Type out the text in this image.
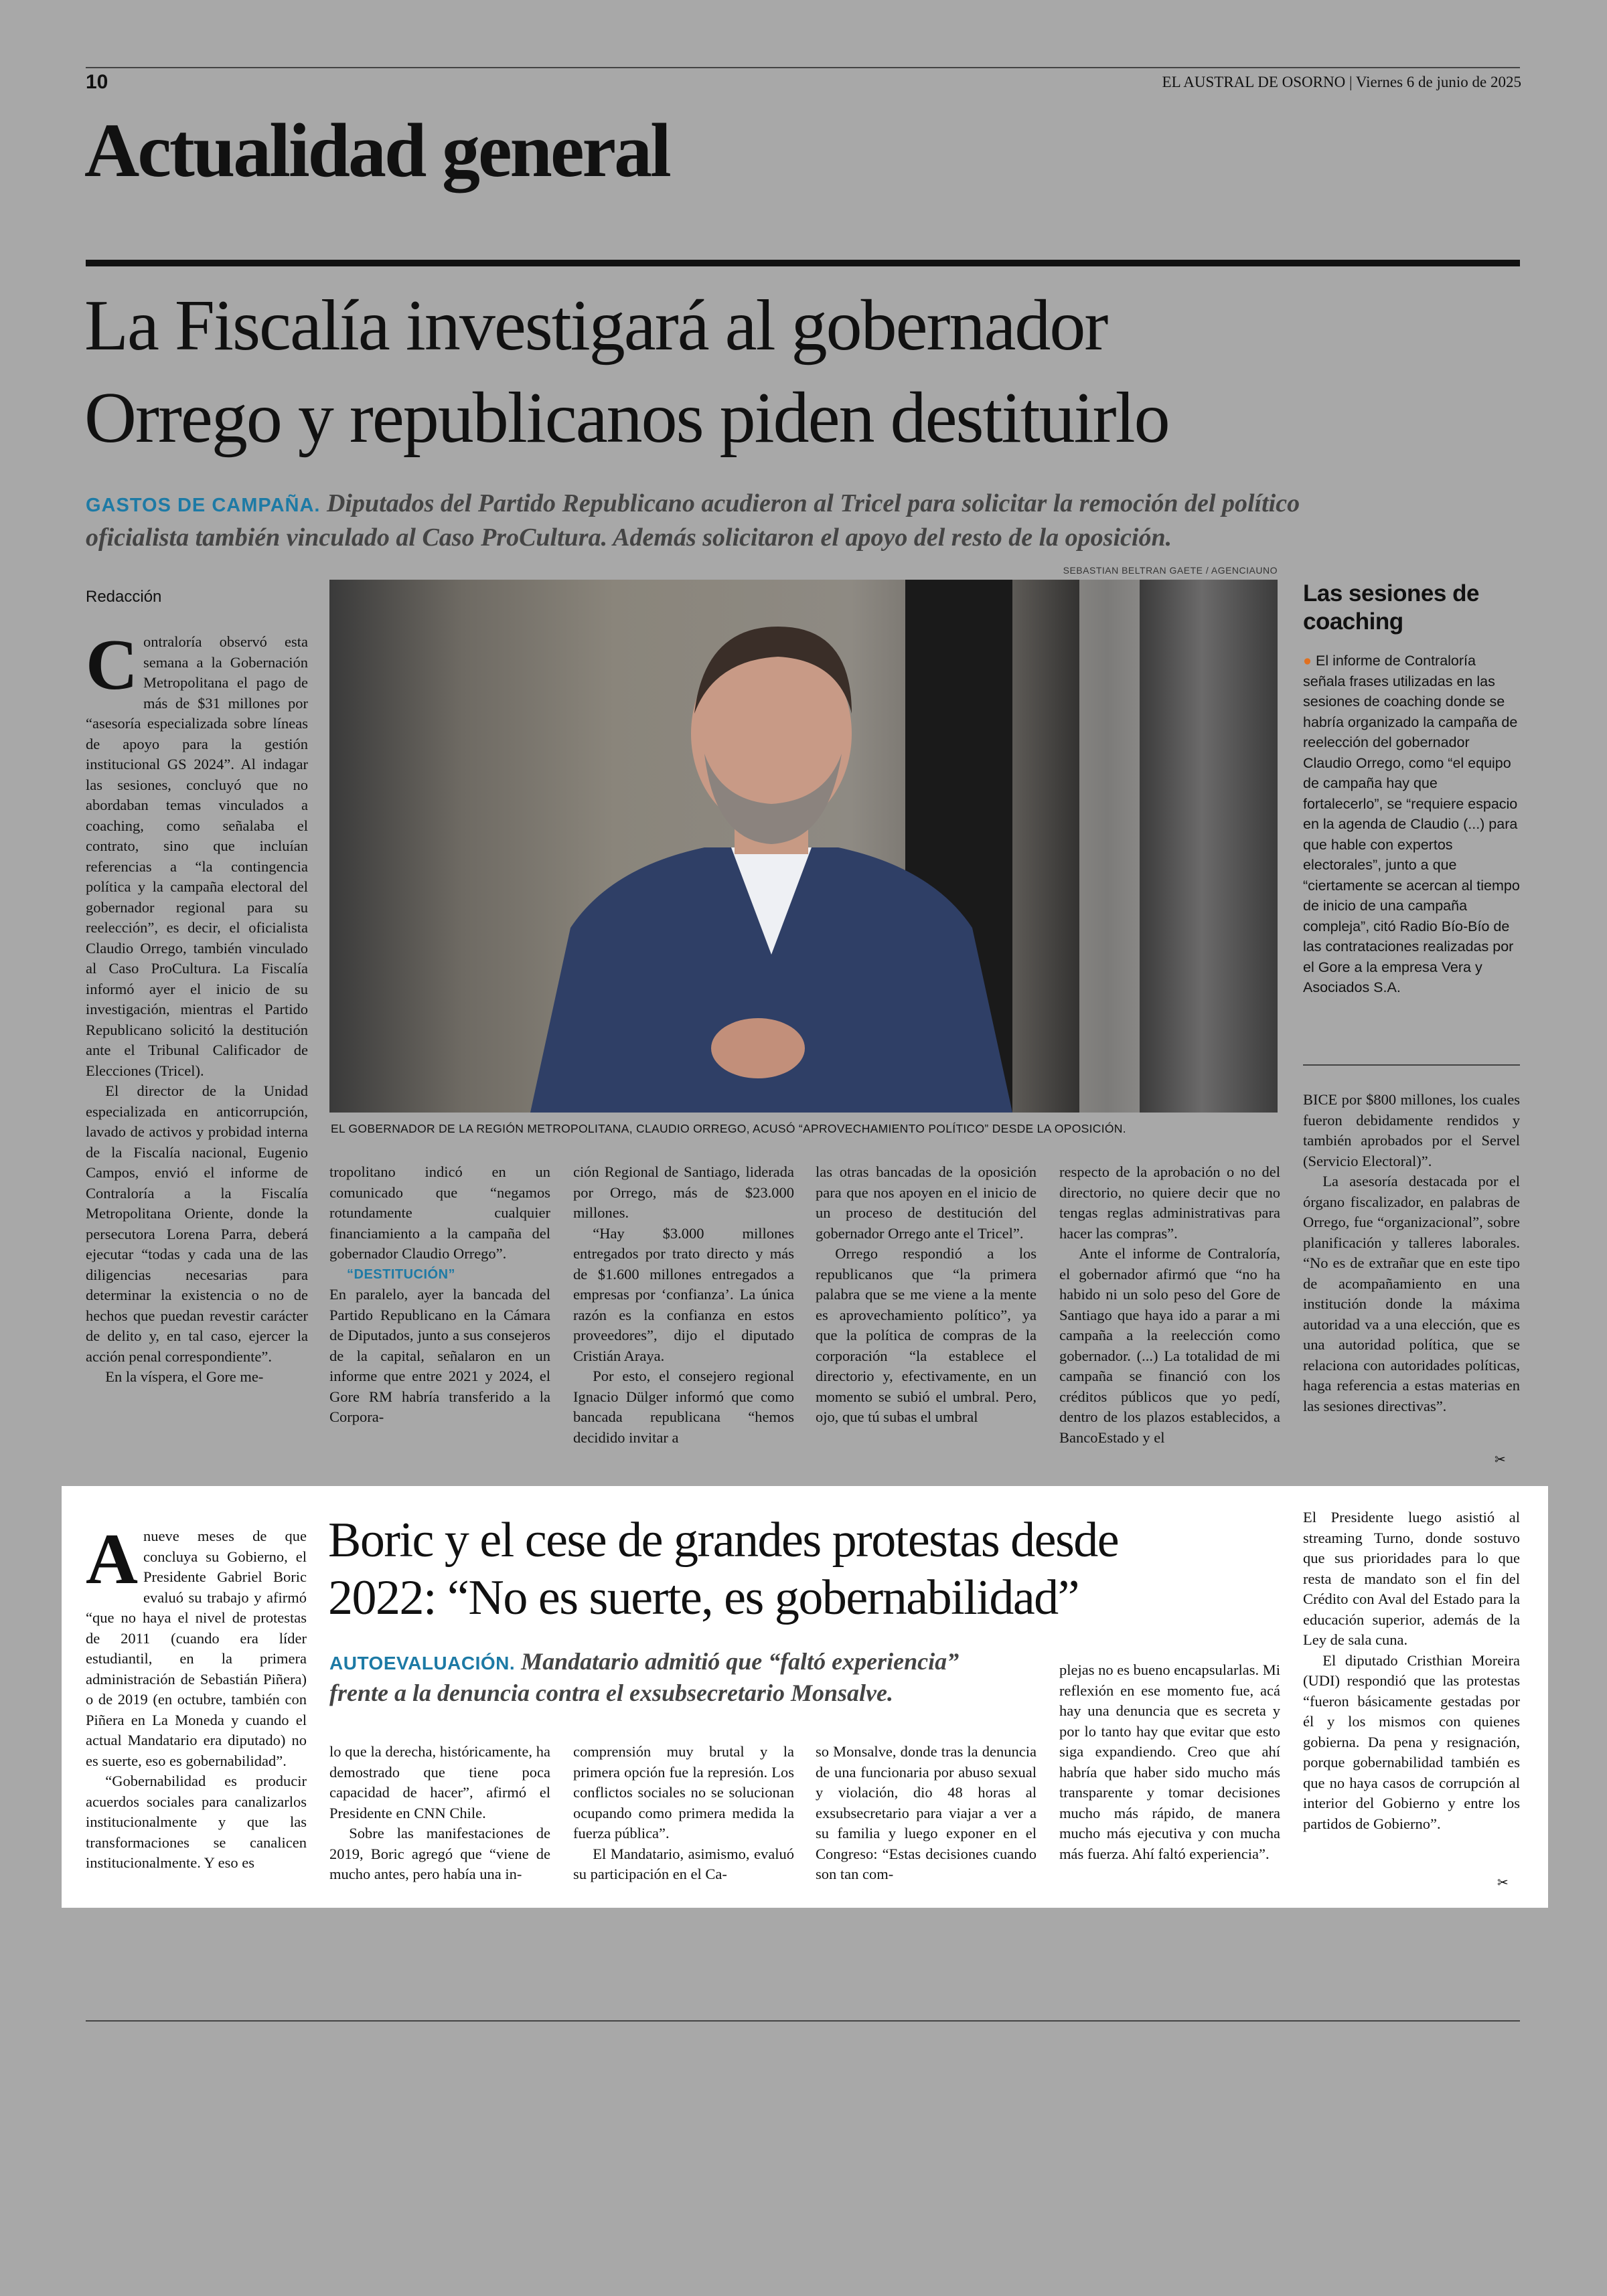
10	EL AUSTRAL DE OSORNO | Viernes 6 de junio de 2025
Actualidad general
La Fiscalía investigará al gobernador
Orrego y republicanos piden destituirlo
GASTOS DE CAMPAÑA. Diputados del Partido Republicano acudieron al Tricel para solicitar la remoción del político
oficialista también vinculado al Caso ProCultura. Además solicitaron el apoyo del resto de la oposición.
SEBASTIAN BELTRAN GAETE / AGENCIAUNO
EL GOBERNADOR DE LA REGIÓN METROPOLITANA, CLAUDIO ORREGO, ACUSÓ “APROVECHAMIENTO POLÍTICO” DESDE LA OPOSICIÓN.
Redacción

Contraloría observó esta semana a la Gobernación Metropolitana el pago de más de $31 millones por “asesoría especializada sobre líneas de apoyo para la gestión institucional GS 2024”. Al indagar las sesiones, concluyó que no abordaban temas vinculados a coaching, como señalaba el contrato, sino que incluían referencias a “la contingencia política y la campaña electoral del gobernador regional para su reelección”, es decir, el oficialista Claudio Orrego, también vinculado al Caso ProCultura. La Fiscalía informó ayer el inicio de su investigación, mientras el Partido Republicano solicitó la destitución ante el Tribunal Calificador de Elecciones (Tricel).

El director de la Unidad especializada en anticorrupción, lavado de activos y probidad interna de la Fiscalía nacional, Eugenio Campos, envió el informe de Contraloría a la Fiscalía Metropolitana Oriente, donde la persecutora Lorena Parra, deberá ejecutar “todas y cada una de las diligencias necesarias para determinar la existencia o no de hechos que puedan revestir carácter de delito y, en tal caso, ejercer la acción penal correspondiente”.

En la víspera, el Gore me-

tropolitano indicó en un comunicado que “negamos rotundamente cualquier financiamiento a la campaña del gobernador Claudio Orrego”.

“DESTITUCIÓN”

En paralelo, ayer la bancada del Partido Republicano en la Cámara de Diputados, junto a sus consejeros de la capital, señalaron en un informe que entre 2021 y 2024, el Gore RM habría transferido a la Corpora-

ción Regional de Santiago, liderada por Orrego, más de $23.000 millones.

“Hay $3.000 millones entregados por trato directo y más de $1.600 millones entregados a empresas por ‘confianza’. La única razón es la confianza en estos proveedores”, dijo el diputado Cristián Araya.

Por esto, el consejero regional Ignacio Dülger informó que como bancada republicana “hemos decidido invitar a

las otras bancadas de la oposición para que nos apoyen en el inicio de un proceso de destitución del gobernador Orrego ante el Tricel”.

Orrego respondió a los republicanos que “la primera palabra que se me viene a la mente es aprovechamiento político”, ya que la política de compras de la corporación “la establece el directorio y, efectivamente, en un momento se subió el umbral. Pero, ojo, que tú subas el umbral

respecto de la aprobación o no del directorio, no quiere decir que no tengas reglas administrativas para hacer las compras”.

Ante el informe de Contraloría, el gobernador afirmó que “no ha habido ni un solo peso del Gore de Santiago que haya ido a parar a mi campaña a la reelección como gobernador. (...) La totalidad de mi campaña se financió con los créditos públicos que yo pedí, dentro de los plazos establecidos, a BancoEstado y el

Las sesiones de
coaching

● El informe de Contraloría señala frases utilizadas en las sesiones de coaching donde se habría organizado la campaña de reelección del gobernador Claudio Orrego, como “el equipo de campaña hay que fortalecerlo”, se “requiere espacio en la agenda de Claudio (...) para que hable con expertos electorales”, junto a que “ciertamente se acercan al tiempo de inicio de una campaña compleja”, citó Radio Bío-Bío de las contrataciones realizadas por el Gore a la empresa Vera y Asociados S.A.

BICE por $800 millones, los cuales fueron debidamente rendidos y también aprobados por el Servel (Servicio Electoral)”.

La asesoría destacada por el órgano fiscalizador, en palabras de Orrego, fue “organizacional”, sobre planificación y talleres laborales. “No es de extrañar que en este tipo de acompañamiento en una institución donde la máxima autoridad va a una elección, que es una autoridad política, que se relaciona con autoridades políticas, haga referencia a estas materias en las sesiones directivas”.

✂

Anueve meses de que concluya su Gobierno, el Presidente Gabriel Boric evaluó su trabajo y afirmó “que no haya el nivel de protestas de 2011 (cuando era líder estudiantil, en la primera administración de Sebastián Piñera) o de 2019 (en octubre, también con Piñera en La Moneda y cuando el actual Mandatario era diputado) no es suerte, eso es gobernabilidad”.

“Gobernabilidad es producir acuerdos sociales para canalizarlos institucionalmente y que las transformaciones se canalicen institucionalmente. Y eso es

Boric y el cese de grandes protestas desde
2022: “No es suerte, es gobernabilidad”
AUTOEVALUACIÓN. Mandatario admitió que “faltó experiencia”
frente a la denuncia contra el exsubsecretario Monsalve.

lo que la derecha, históricamente, ha demostrado que tiene poca capacidad de hacer”, afirmó el Presidente en CNN Chile.

Sobre las manifestaciones de 2019, Boric agregó que “viene de mucho antes, pero había una in-

comprensión muy brutal y la primera opción fue la represión. Los conflictos sociales no se solucionan ocupando como primera medida la fuerza pública”.

El Mandatario, asimismo, evaluó su participación en el Ca-

so Monsalve, donde tras la denuncia de una funcionaria por abuso sexual y violación, dio 48 horas al exsubsecretario para viajar a ver a su familia y luego exponer en el Congreso: “Estas decisiones cuando son tan com-

plejas no es bueno encapsularlas. Mi reflexión en ese momento fue, acá hay una denuncia que es secreta y por lo tanto hay que evitar que esto siga expandiendo. Creo que ahí habría que haber sido mucho más transparente y tomar decisiones mucho más rápido, de manera mucho más ejecutiva y con mucha más fuerza. Ahí faltó experiencia”.

El Presidente luego asistió al streaming Turno, donde sostuvo que sus prioridades para lo que resta de mandato son el fin del Crédito con Aval del Estado para la educación superior, además de la Ley de sala cuna.

El diputado Cristhian Moreira (UDI) respondió que las protestas “fueron básicamente gestadas por él y los mismos con quienes gobierna. Da pena y resignación, porque gobernabilidad también es que no haya casos de corrupción al interior del Gobierno y entre los partidos de Gobierno”.

✂
